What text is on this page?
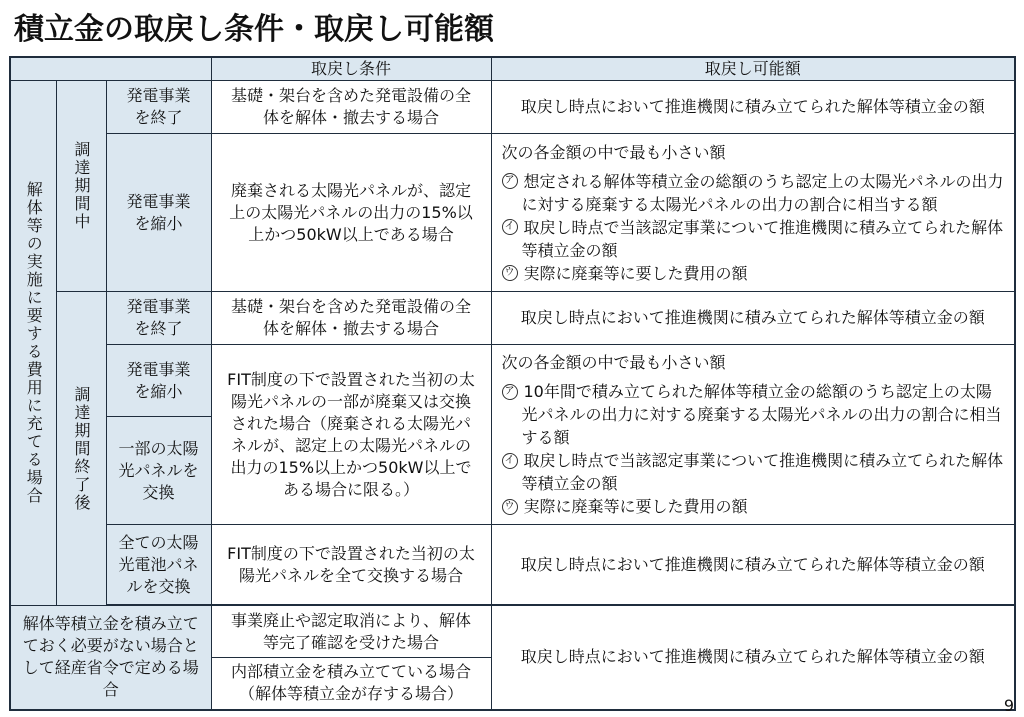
積立金の取戻し条件・取戻し可能額
			取戻し条件	取戻し可能額

解体等の実施に要する費用に充てる場合	調達期間中	発電事業を終了	基礎・架台を含めた発電設備の全体を解体・撤去する場合	取戻し時点において推進機関に積み立てられた解体等積立金の額

		発電事業を縮小	廃棄される太陽光パネルが、認定上の太陽光パネルの出力の15%以上かつ50kW以上である場合	次の各金額の中で最も小さい額
ア 想定される解体等積立金の総額のうち認定上の太陽光パネルの出力に対する廃棄する太陽光パネルの出力の割合に相当する額
イ 取戻し時点で当該認定事業について推進機関に積み立てられた解体等積立金の額
ウ 実際に廃棄等に要した費用の額

	調達期間終了後	発電事業を終了	基礎・架台を含めた発電設備の全体を解体・撤去する場合	取戻し時点において推進機関に積み立てられた解体等積立金の額

		発電事業を縮小	FIT制度の下で設置された当初の太陽光パネルの一部が廃棄又は交換された場合（廃棄される太陽光パネルが、認定上の太陽光パネルの出力の15%以上かつ50kW以上である場合に限る。）	次の各金額の中で最も小さい額
ア 10年間で積み立てられた解体等積立金の総額のうち認定上の太陽光パネルの出力に対する廃棄する太陽光パネルの出力の割合に相当する額
イ 取戻し時点で当該認定事業について推進機関に積み立てられた解体等積立金の額
ウ 実際に廃棄等に要した費用の額

		一部の太陽光パネルを交換		

		全ての太陽光電池パネルを交換	FIT制度の下で設置された当初の太陽光パネルを全て交換する場合	取戻し時点において推進機関に積み立てられた解体等積立金の額

解体等積立金を積み立てておく必要がない場合として経産省令で定める場合			事業廃止や認定取消により、解体等完了確認を受けた場合	取戻し時点において推進機関に積み立てられた解体等積立金の額

			内部積立金を積み立てている場合（解体等積立金が存する場合）	
9
